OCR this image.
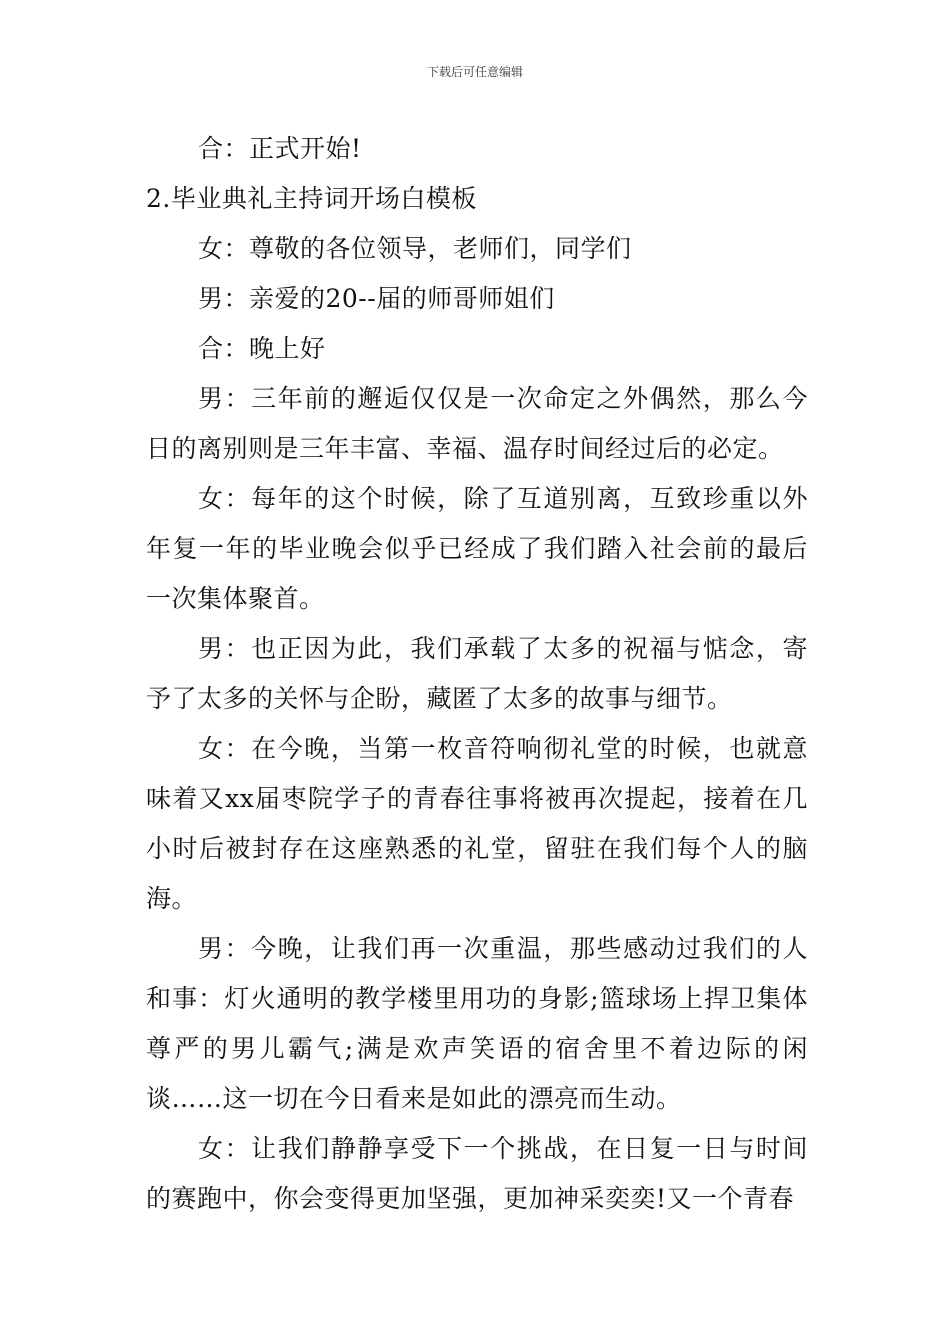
下载后可任意编辑

合：正式开始!

2.毕业典礼主持词开场白模板

女：尊敬的各位领导，老师们，同学们

男：亲爱的20--届的师哥师姐们

合：晚上好

男：三年前的邂逅仅仅是一次命定之外偶然，那么今日的离别则是三年丰富、幸福、温存时间经过后的必定。

女：每年的这个时候，除了互道别离，互致珍重以外年复一年的毕业晚会似乎已经成了我们踏入社会前的最后一次集体聚首。

男：也正因为此，我们承载了太多的祝福与惦念，寄予了太多的关怀与企盼，藏匿了太多的故事与细节。

女：在今晚，当第一枚音符响彻礼堂的时候，也就意味着又xx届枣院学子的青春往事将被再次提起，接着在几小时后被封存在这座熟悉的礼堂，留驻在我们每个人的脑海。

男：今晚，让我们再一次重温，那些感动过我们的人和事：灯火通明的教学楼里用功的身影;篮球场上捍卫集体尊严的男儿霸气;满是欢声笑语的宿舍里不着边际的闲谈……这一切在今日看来是如此的漂亮而生动。

女：让我们静静享受下一个挑战，在日复一日与时间的赛跑中，你会变得更加坚强，更加神采奕奕!又一个青春
